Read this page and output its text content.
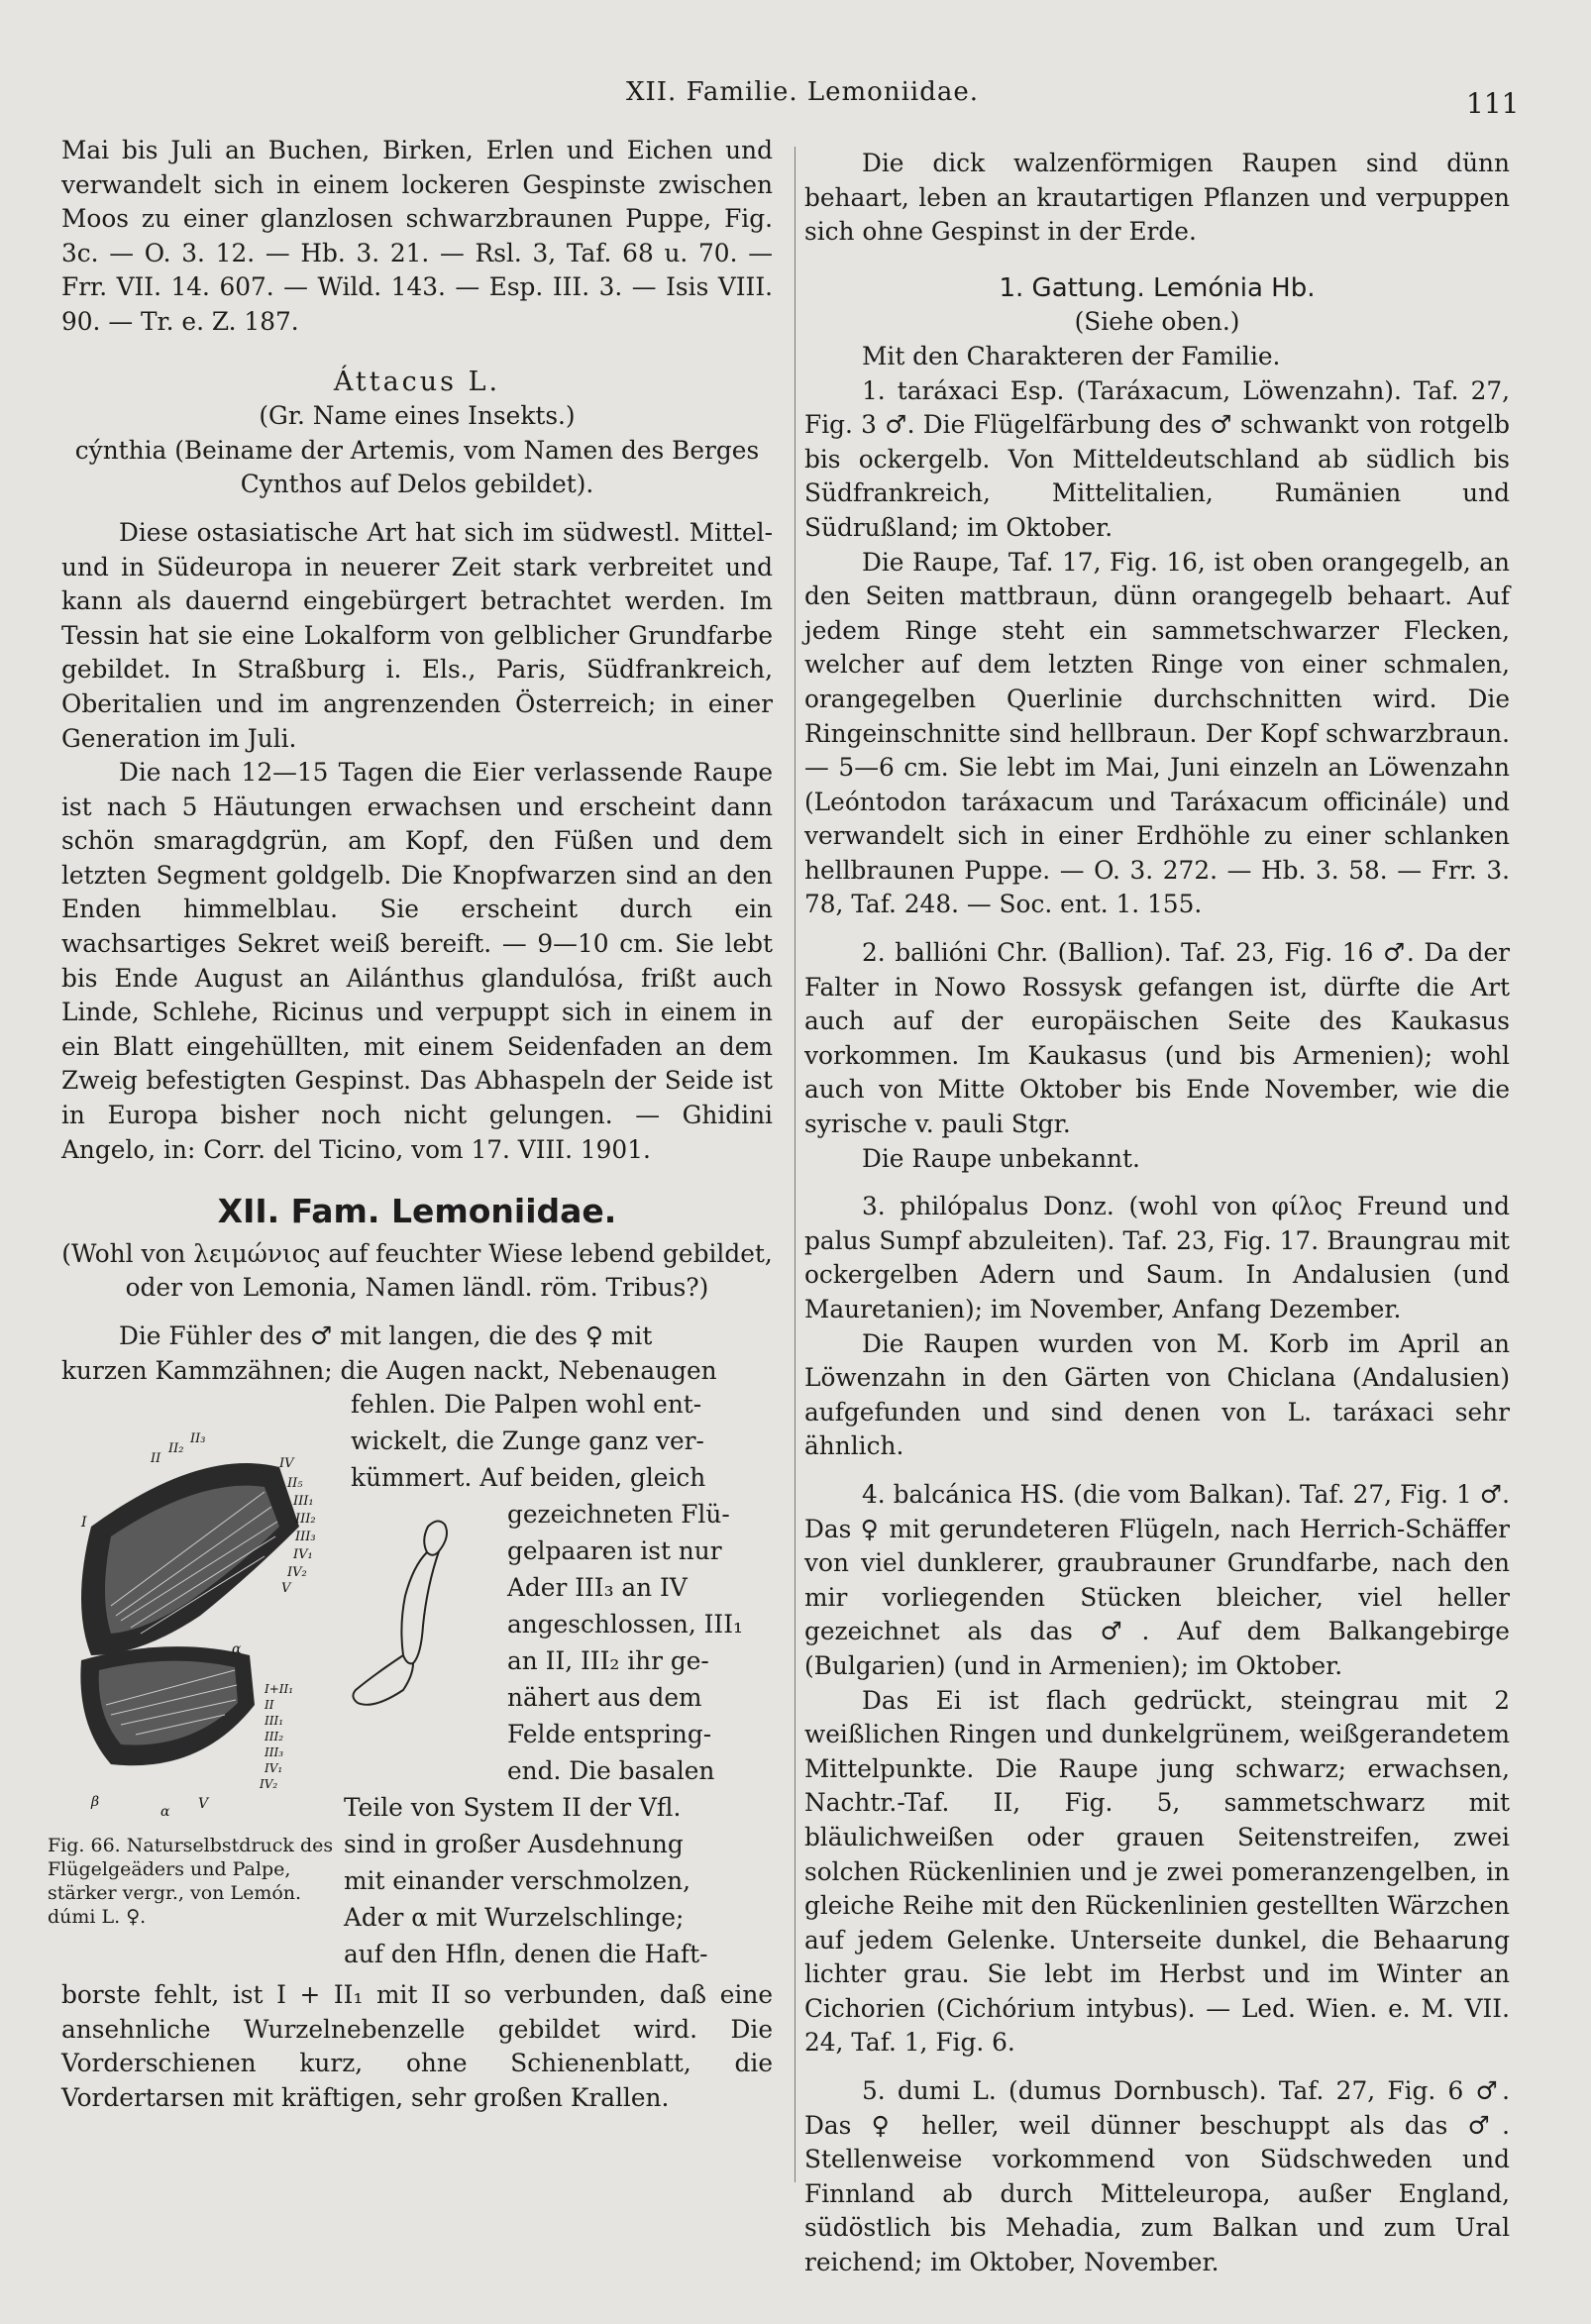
XII. Familie. Lemoniidae.	111

Mai bis Juli an Buchen, Birken, Erlen und Eichen und verwandelt sich in einem lockeren Gespinste zwischen Moos zu einer glanzlosen schwarzbraunen Puppe, Fig. 3c. — O. 3. 12. — Hb. 3. 21. — Rsl. 3, Taf. 68 u. 70. — Frr. VII. 14. 607. — Wild. 143. — Esp. III. 3. — Isis VIII. 90. — Tr. e. Z. 187.

Áttacus L.

(Gr. Name eines Insekts.)

cýnthia (Beiname der Artemis, vom Namen des Berges Cynthos auf Delos gebildet).

Diese ostasiatische Art hat sich im südwestl. Mittel- und in Südeuropa in neuerer Zeit stark verbreitet und kann als dauernd eingebürgert betrachtet werden. Im Tessin hat sie eine Lokalform von gelblicher Grundfarbe gebildet. In Straßburg i. Els., Paris, Südfrankreich, Oberitalien und im angrenzenden Österreich; in einer Generation im Juli.

Die nach 12—15 Tagen die Eier verlassende Raupe ist nach 5 Häutungen erwachsen und erscheint dann schön smaragdgrün, am Kopf, den Füßen und dem letzten Segment goldgelb. Die Knopfwarzen sind an den Enden himmelblau. Sie erscheint durch ein wachsartiges Sekret weiß bereift. — 9—10 cm. Sie lebt bis Ende August an Ailánthus glandulósa, frißt auch Linde, Schlehe, Ricinus und verpuppt sich in einem in ein Blatt eingehüllten, mit einem Seidenfaden an dem Zweig befestigten Gespinst. Das Abhaspeln der Seide ist in Europa bisher noch nicht gelungen. — Ghidini Angelo, in: Corr. del Ticino, vom 17. VIII. 1901.

XII. Fam. Lemoniidae.

(Wohl von λειμώνιος auf feuchter Wiese lebend gebildet, oder von Lemonia, Namen ländl. röm. Tribus?)

Die Fühler des ♂ mit langen, die des ♀ mit

kurzen Kammzähnen; die Augen nackt, Nebenaugen

I
II
II₂
II₃
IV
II₅
III₁
III₂
III₃
IV₁
IV₂
V
α
I+II₁
II
III₁
III₂
III₃
IV₁
IV₂
β
α V
Fig. 66. Naturselbstdruck des Flügelgeäders und Palpe, stärker vergr., von Lemón. dúmi L. ♀.
fehlen. Die Palpen wohl ent-
wickelt, die Zunge ganz ver-
kümmert. Auf beiden, gleich
gezeichneten Flü-
gelpaaren ist nur
Ader III₃ an IV
angeschlossen, III₁
an II, III₂ ihr ge-
nähert aus dem
Felde entspring-
end. Die basalen
Teile von System II der Vfl.
sind in großer Ausdehnung
mit einander verschmolzen,
Ader α mit Wurzelschlinge;
auf den Hfln, denen die Haft-

borste fehlt, ist I + II₁ mit II so verbunden, daß eine ansehnliche Wurzelnebenzelle gebildet wird. Die Vorderschienen kurz, ohne Schienenblatt, die Vordertarsen mit kräftigen, sehr großen Krallen.

Die dick walzenförmigen Raupen sind dünn behaart, leben an krautartigen Pflanzen und verpuppen sich ohne Gespinst in der Erde.

1. Gattung. Lemónia Hb.

(Siehe oben.)

Mit den Charakteren der Familie.

1. taráxaci Esp. (Taráxacum, Löwenzahn). Taf. 27, Fig. 3 ♂. Die Flügelfärbung des ♂ schwankt von rotgelb bis ockergelb. Von Mitteldeutschland ab südlich bis Südfrankreich, Mittelitalien, Rumänien und Südrußland; im Oktober.

Die Raupe, Taf. 17, Fig. 16, ist oben orangegelb, an den Seiten mattbraun, dünn orangegelb behaart. Auf jedem Ringe steht ein sammetschwarzer Flecken, welcher auf dem letzten Ringe von einer schmalen, orangegelben Querlinie durchschnitten wird. Die Ringeinschnitte sind hellbraun. Der Kopf schwarzbraun. — 5—6 cm. Sie lebt im Mai, Juni einzeln an Löwenzahn (Leóntodon taráxacum und Taráxacum officinále) und verwandelt sich in einer Erdhöhle zu einer schlanken hellbraunen Puppe. — O. 3. 272. — Hb. 3. 58. — Frr. 3. 78, Taf. 248. — Soc. ent. 1. 155.

2. ballióni Chr. (Ballion). Taf. 23, Fig. 16 ♂. Da der Falter in Nowo Rossysk gefangen ist, dürfte die Art auch auf der europäischen Seite des Kaukasus vorkommen. Im Kaukasus (und bis Armenien); wohl auch von Mitte Oktober bis Ende November, wie die syrische v. pauli Stgr.

Die Raupe unbekannt.

3. philópalus Donz. (wohl von φίλος Freund und palus Sumpf abzuleiten). Taf. 23, Fig. 17. Braungrau mit ockergelben Adern und Saum. In Andalusien (und Mauretanien); im November, Anfang Dezember.

Die Raupen wurden von M. Korb im April an Löwenzahn in den Gärten von Chiclana (Andalusien) aufgefunden und sind denen von L. taráxaci sehr ähnlich.

4. balcánica HS. (die vom Balkan). Taf. 27, Fig. 1 ♂. Das ♀ mit gerundeteren Flügeln, nach Herrich-Schäffer von viel dunklerer, graubrauner Grundfarbe, nach den mir vorliegenden Stücken bleicher, viel heller gezeichnet als das ♂. Auf dem Balkangebirge (Bulgarien) (und in Armenien); im Oktober.

Das Ei ist flach gedrückt, steingrau mit 2 weißlichen Ringen und dunkelgrünem, weißgerandetem Mittelpunkte. Die Raupe jung schwarz; erwachsen, Nachtr.-Taf. II, Fig. 5, sammetschwarz mit bläulichweißen oder grauen Seitenstreifen, zwei solchen Rückenlinien und je zwei pomeranzengelben, in gleiche Reihe mit den Rückenlinien gestellten Wärzchen auf jedem Gelenke. Unterseite dunkel, die Behaarung lichter grau. Sie lebt im Herbst und im Winter an Cichorien (Cichórium intybus). — Led. Wien. e. M. VII. 24, Taf. 1, Fig. 6.

5. dumi L. (dumus Dornbusch). Taf. 27, Fig. 6 ♂. Das ♀ heller, weil dünner beschuppt als das ♂. Stellenweise vorkommend von Südschweden und Finnland ab durch Mitteleuropa, außer England, südöstlich bis Mehadia, zum Balkan und zum Ural reichend; im Oktober, November.
